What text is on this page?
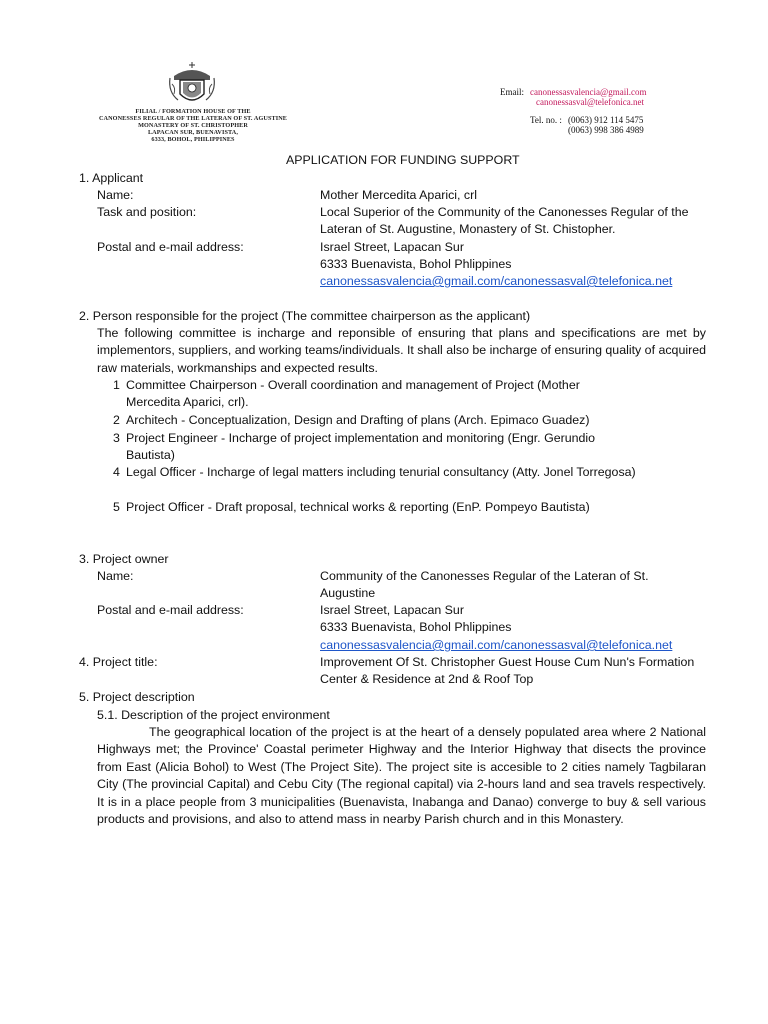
FILIAL / FORMATION HOUSE OF THE
CANONESSES REGULAR OF THE LATERAN OF ST. AGUSTINE
MONASTERY OF ST. CHRISTOPHER
LAPACAN SUR, BUENAVISTA,
6333, BOHOL, PHILIPPINES
Email: canonessasvalencia@gmail.com
canonessasval@telefonica.net
Tel. no. : (0063) 912 114 5475
(0063) 998 386 4989
APPLICATION FOR FUNDING SUPPORT
1. Applicant
Name:	Mother Mercedita Aparici, crl
Task and position:	Local Superior of the Community of the Canonesses Regular of the
Lateran of St. Augustine, Monastery of St. Chistopher.
Postal and e-mail address:	Israel Street, Lapacan Sur
6333 Buenavista, Bohol Phlippines
canonessasvalencia@gmail.com/canonessasval@telefonica.net
2. Person responsible for the project (The committee chairperson as the applicant)
The following committee is incharge and reponsible of ensuring that plans and specifications are met by implementors, suppliers, and working teams/individuals. It shall also be incharge of ensuring quality of acquired raw materials, workmanships and expected results.
1 Committee Chairperson - Overall coordination and management of Project (Mother
Mercedita Aparici, crl).
2 Architech - Conceptualization, Design and Drafting of plans (Arch. Epimaco Guadez)
3 Project Engineer - Incharge of project implementation and monitoring (Engr. Gerundio
Bautista)
4 Legal Officer - Incharge of legal matters including tenurial consultancy (Atty. Jonel Torregosa)
5 Project Officer - Draft proposal, technical works & reporting (EnP. Pompeyo Bautista)
3. Project owner
Name:	Community of the Canonesses Regular of the Lateran of St.
Augustine
Postal and e-mail address:	Israel Street, Lapacan Sur
6333 Buenavista, Bohol Phlippines
canonessasvalencia@gmail.com/canonessasval@telefonica.net
4. Project title:	Improvement Of St. Christopher Guest House Cum Nun's Formation
Center & Residence at 2nd & Roof Top
5. Project description
5.1. Description of the project environment
The geographical location of the project is at the heart of a densely populated area where 2 National Highways met; the Province' Coastal perimeter Highway and the Interior Highway that disects the province from East (Alicia Bohol) to West (The Project Site). The project site is accesible to 2 cities namely Tagbilaran City (The provincial Capital) and Cebu City (The regional capital) via 2-hours land and sea travels respectively. It is in a place people from 3 municipalities (Buenavista, Inabanga and Danao) converge to buy & sell various products and provisions, and also to attend mass in nearby Parish church and in this Monastery.
